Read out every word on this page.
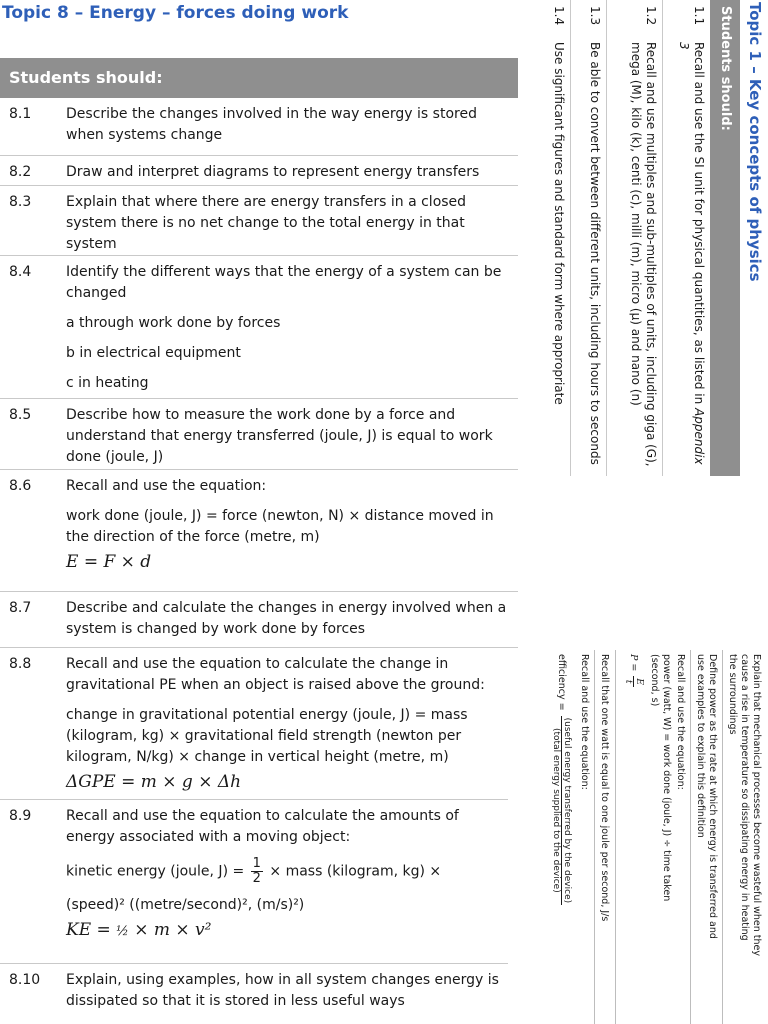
Topic 8 – Energy – forces doing work
Students should:
8.1 Describe the changes involved in the way energy is stored when systems change

8.2 Draw and interpret diagrams to represent energy transfers

8.3 Explain that where there are energy transfers in a closed system there is no net change to the total energy in that system

8.4 Identify the different ways that the energy of a system can be changed

a through work done by forces

b in electrical equipment

c in heating

8.5 Describe how to measure the work done by a force and understand that energy transferred (joule, J) is equal to work done (joule, J)

8.6 Recall and use the equation:

work done (joule, J) = force (newton, N) × distance moved in the direction of the force (metre, m)

E = F × d

8.7 Describe and calculate the changes in energy involved when a system is changed by work done by forces

8.8 Recall and use the equation to calculate the change in gravitational PE when an object is raised above the ground:

change in gravitational potential energy (joule, J) = mass (kilogram, kg) × gravitational field strength (newton per kilogram, N/kg) × change in vertical height (metre, m)

ΔGPE = m × g × Δh

8.9 Recall and use the equation to calculate the amounts of energy associated with a moving object:

kinetic energy (joule, $J) = \frac{1}{2}$ × mass (kilogram, kg) ×

(speed)² ((metre/second)², (m/s)²)

KE = ½ × m × v²

8.10 Explain, using examples, how in all system changes energy is dissipated so that it is stored in less useful ways

Topic 1 – Key concepts of physics
Students should:
1.1
Recall and use the SI unit for physical quantities, as listed in Appendix 3
1.2
Recall and use multiples and sub-multiples of units, including giga (G), mega (M), kilo (k), centi (c), milli (m), micro (µ) and nano (n)
1.3
Be able to convert between different units, including hours to seconds
1.4
Use significant figures and standard form where appropriate
Explain that mechanical processes become wasteful when they
cause a rise in temperature so dissipating energy in heating
the surroundings
Define power as the rate at which energy is transferred and
use examples to explain this definition
Recall and use the equation:
power (watt, W) = work done (joule, J) ÷ time taken
(second, s)
P =
E
t
Recall that one watt is equal to one joule per second, J/s
Recall and use the equation:
efficiency =
(useful energy transferred by the device)
(total energy supplied to the device)
